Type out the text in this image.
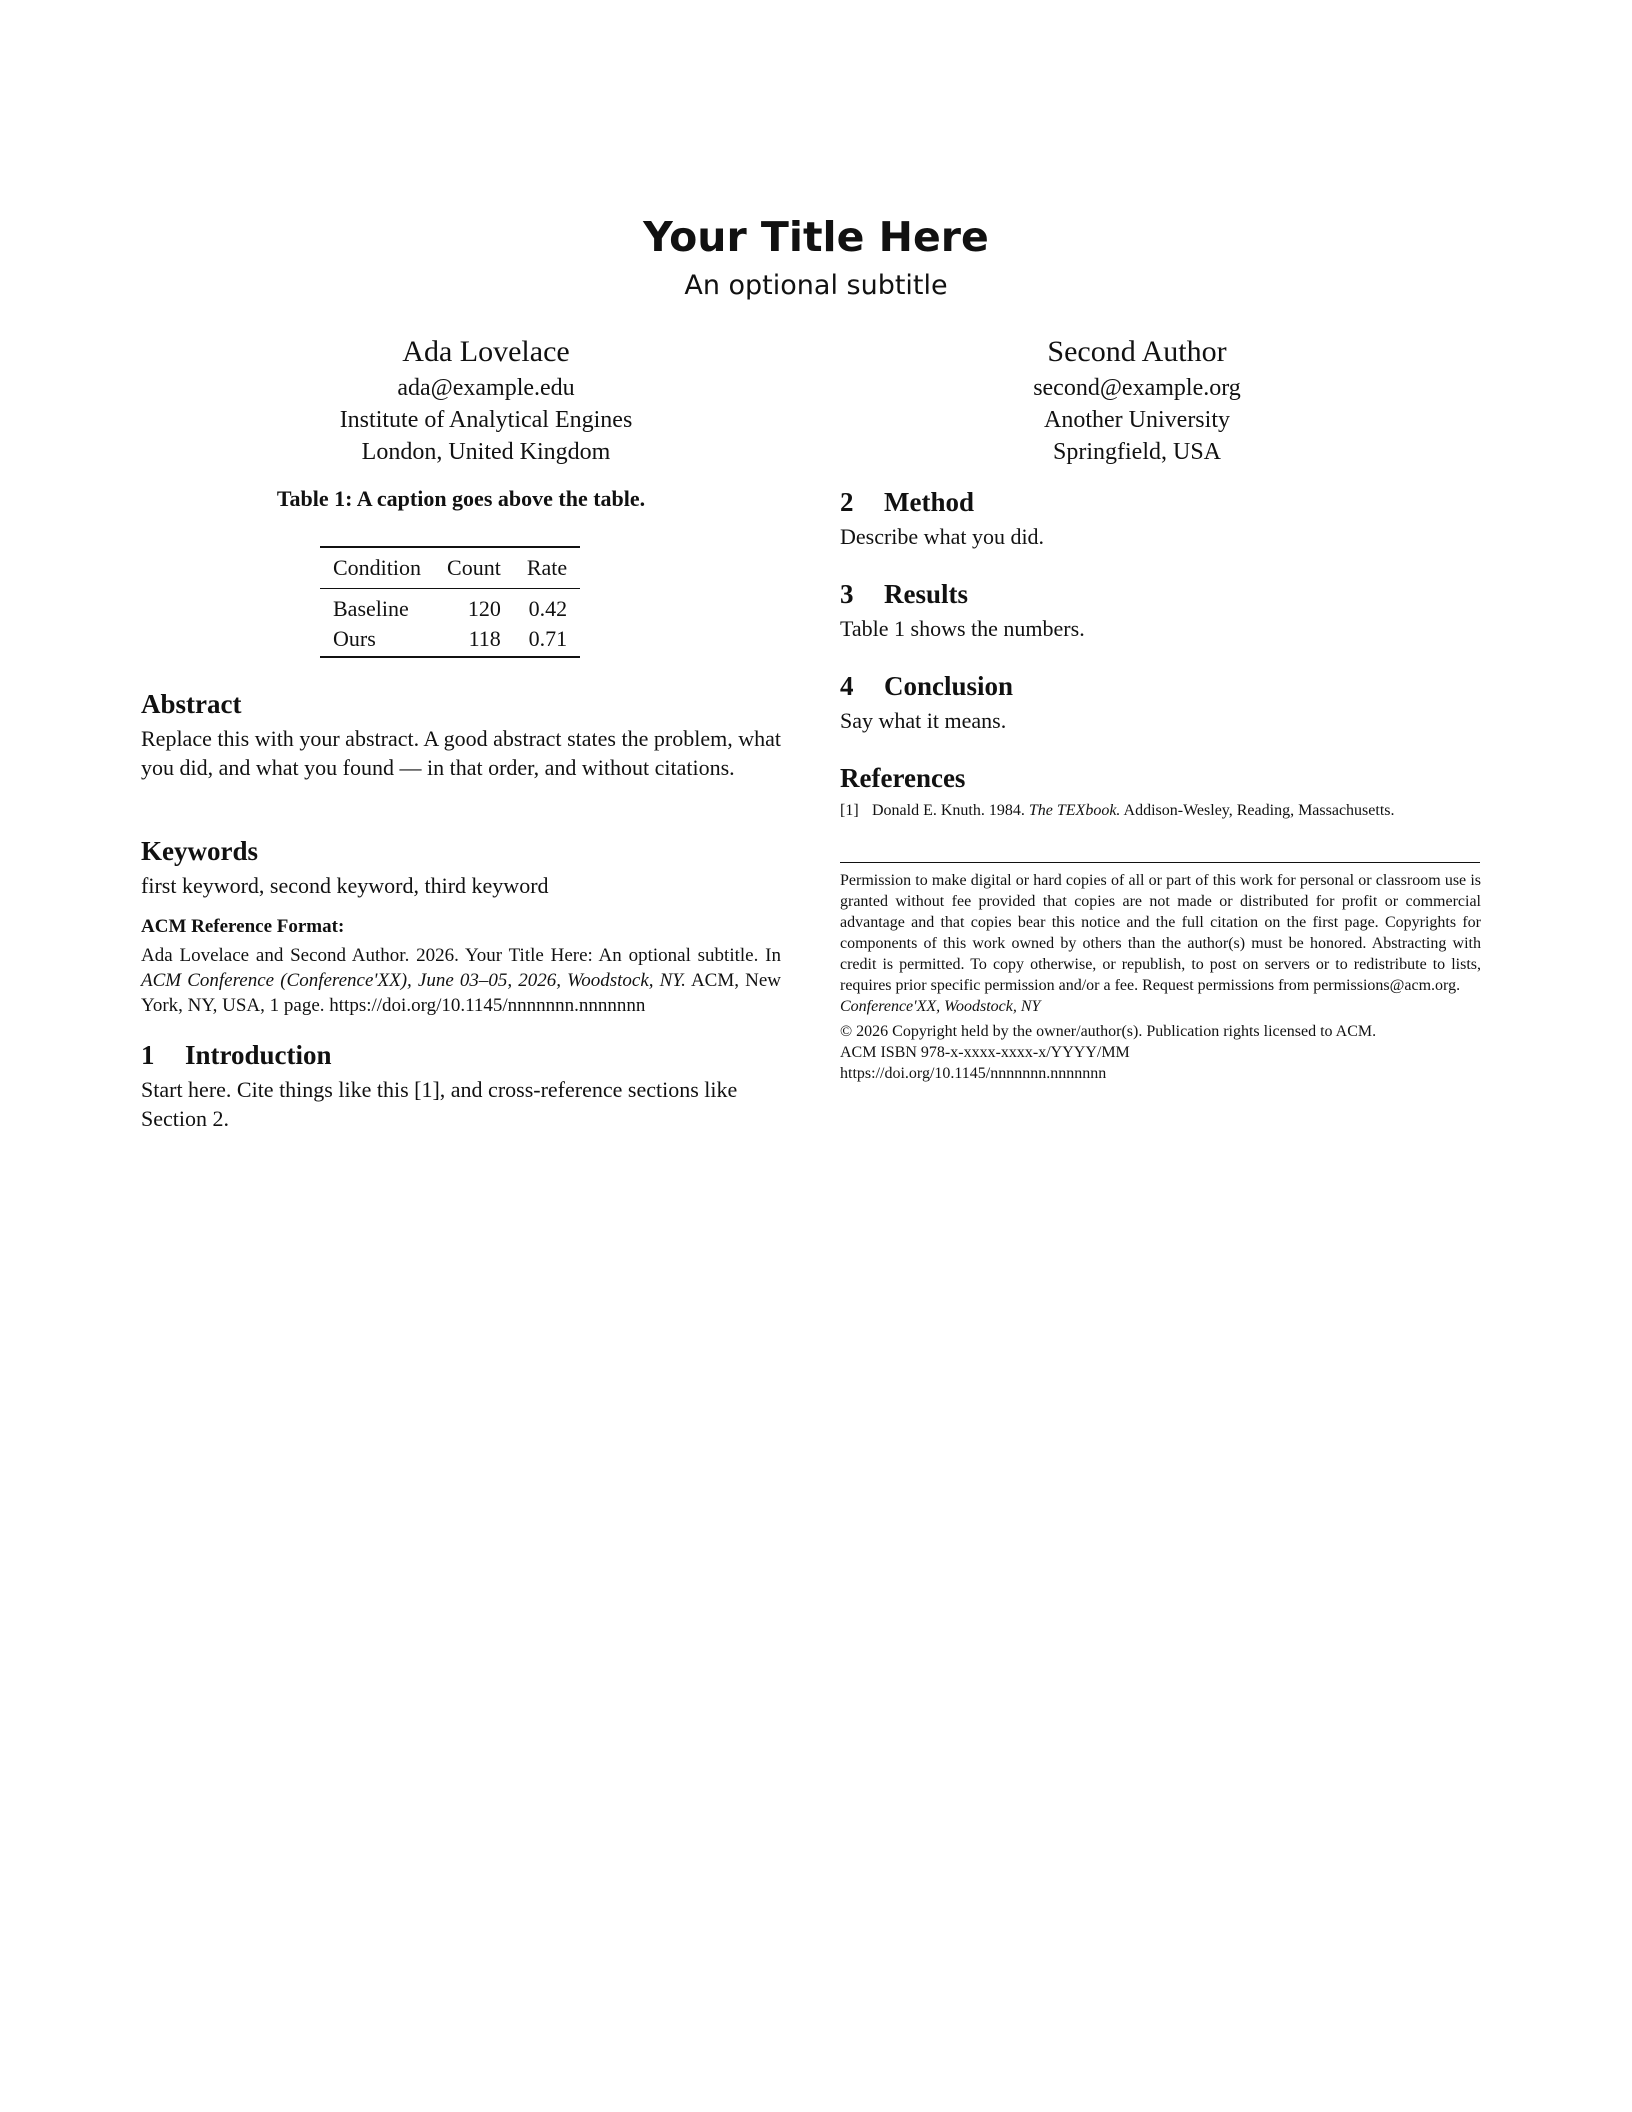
Your Title Here
An optional subtitle
Ada Lovelace
ada@example.edu
Institute of Analytical Engines
London, United Kingdom
Second Author
second@example.org
Another University
Springfield, USA
Table 1: A caption goes above the table.
Condition	Count	Rate
Baseline	120	0.42
Ours	118	0.71
Abstract

Replace this with your abstract. A good abstract states the problem, what you did, and what you found — in that order, and without citations.

Keywords

first keyword, second keyword, third keyword

ACM Reference Format:

Ada Lovelace and Second Author. 2026. Your Title Here: An optional subtitle. In ACM Conference (Conference'XX), June 03–05, 2026, Woodstock, NY. ACM, New York, NY, USA, 1 page. https://doi.org/10.1145/nnnnnnn.nnnnnnn

1 Introduction

Start here. Cite things like this [1], and cross-reference sections like Section 2.

2 Method

Describe what you did.

3 Results

Table 1 shows the numbers.

4 Conclusion

Say what it means.

References
[1] Donald E. Knuth. 1984. The TEXbook. Addison-Wesley, Reading, Massachusetts.
Permission to make digital or hard copies of all or part of this work for personal or classroom use is granted without fee provided that copies are not made or distributed for profit or commercial advantage and that copies bear this notice and the full citation on the first page. Copyrights for components of this work owned by others than the author(s) must be honored. Abstracting with credit is permitted. To copy otherwise, or republish, to post on servers or to redistribute to lists, requires prior specific permission and/or a fee. Request permissions from permissions@acm.org.
Conference'XX, Woodstock, NY
© 2026 Copyright held by the owner/author(s). Publication rights licensed to ACM.
ACM ISBN 978-x-xxxx-xxxx-x/YYYY/MM
https://doi.org/10.1145/nnnnnnn.nnnnnnn
